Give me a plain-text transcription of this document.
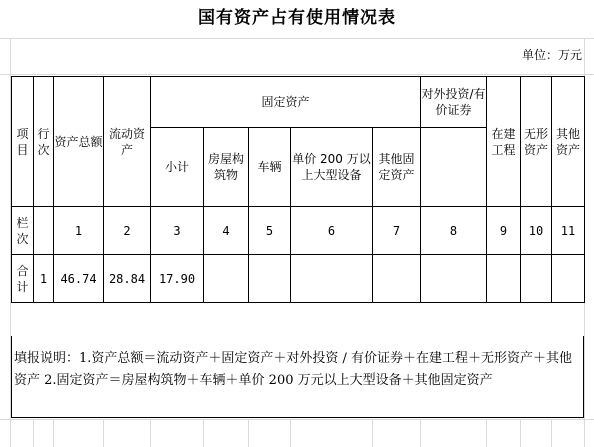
国有资产占有使用情况表
单位：万元
项目	行次	资产总额	流动资产	固定资产					对外投资/有价证券	在建工程	无形资产	其他资产
				小计	房屋构筑物	车辆	单价 200 万以上大型设备	其他固定资产				
栏次		1	2	3	4	5	6	7	8	9	10	11
合计	1	46.74	28.84	17.90								
填报说明：1.资产总额＝流动资产＋固定资产＋对外投资 / 有价证券＋在建工程＋无形资产＋其他资产 2.固定资产＝房屋构筑物＋车辆＋单价 200 万元以上大型设备＋其他固定资产
